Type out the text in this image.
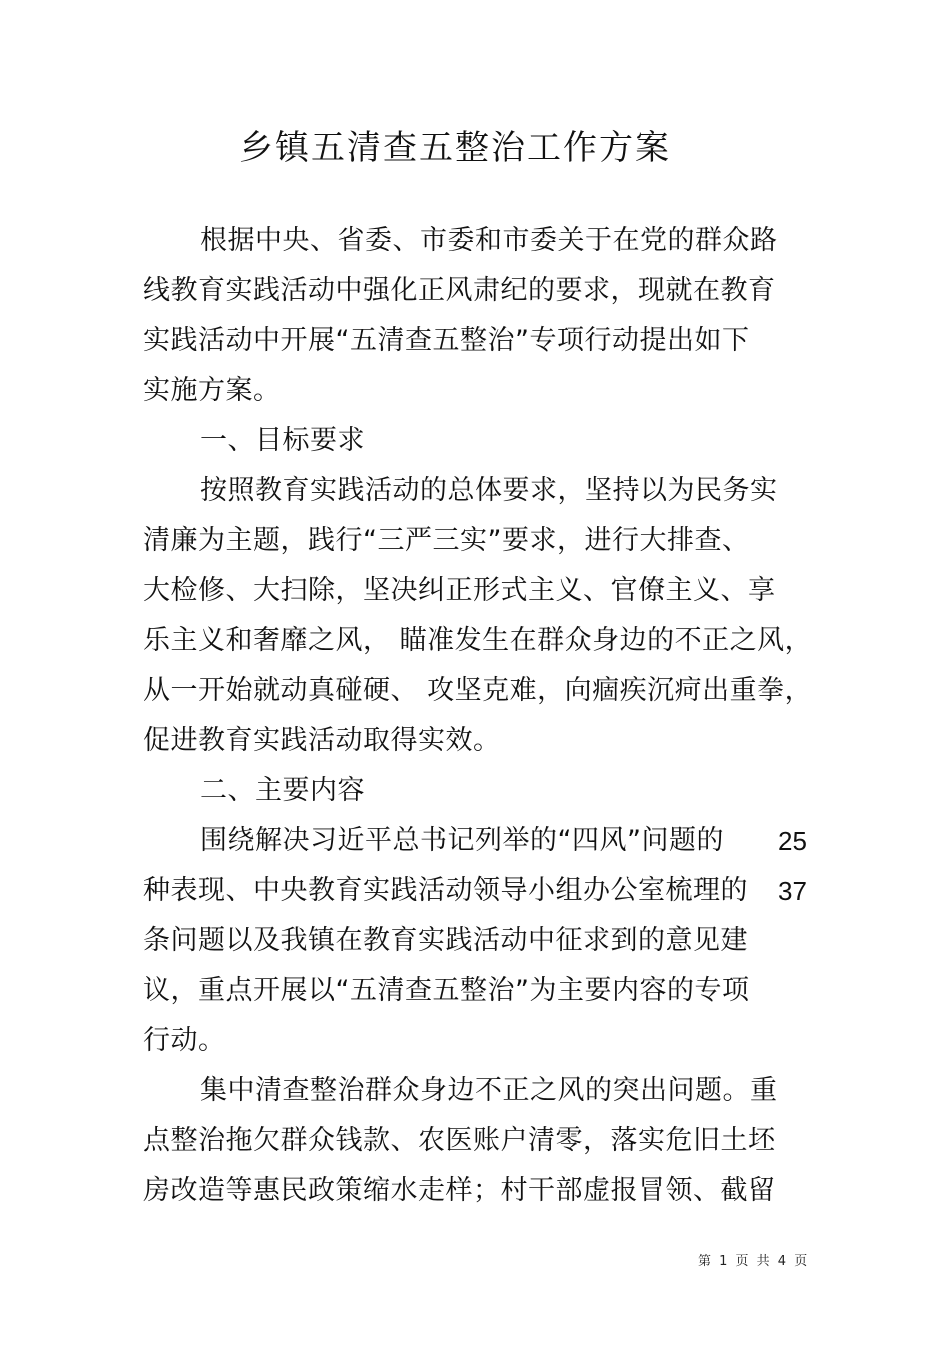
乡镇五清查五整治工作方案
根据中央、省委、市委和市委关于在党的群众路
线教育实践活动中强化正风肃纪的要求，现就在教育
实践活动中开展“五清查五整治”专项行动提出如下
实施方案。
一、目标要求
按照教育实践活动的总体要求，坚持以为民务实
清廉为主题，践行“三严三实”要求，进行大排查、
大检修、大扫除，坚决纠正形式主义、官僚主义、享
乐主义和奢靡之风， 瞄准发生在群众身边的不正之风，
从一开始就动真碰硬、 攻坚克难，向痼疾沉疴出重拳，
促进教育实践活动取得实效。
二、主要内容
围绕解决习近平总书记列举的“四风”问题的 25
种表现、中央教育实践活动领导小组办公室梳理的 37
条问题以及我镇在教育实践活动中征求到的意见建
议，重点开展以“五清查五整治”为主要内容的专项
行动。
集中清查整治群众身边不正之风的突出问题。重
点整治拖欠群众钱款、农医账户清零，落实危旧土坯
房改造等惠民政策缩水走样；村干部虚报冒领、截留
第 1 页 共 4 页
